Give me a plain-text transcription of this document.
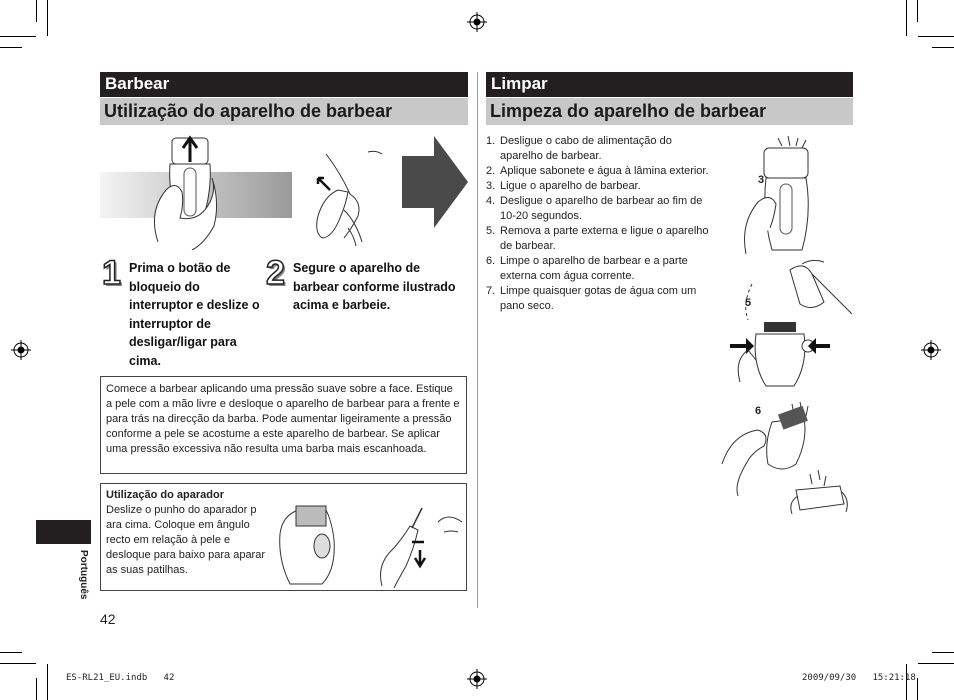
Barbear
Utilização do aparelho de barbear
1 Prima o botão de bloqueio do interruptor e deslize o interruptor de desligar/ligar para cima.
2 Segure o aparelho de barbear conforme ilustrado acima e barbeie.
Comece a barbear aplicando uma pressão suave sobre a face. Estique a pele com a mão livre e desloque o aparelho de barbear para a frente e para trás na direcção da barba. Pode aumentar ligeiramente a pressão conforme a pele se acostume a este aparelho de barbear. Se aplicar uma pressão excessiva não resulta uma barba mais escanhoada.
Utilização do aparador
Deslize o punho do aparador p ara cima. Coloque em ângulo recto em relação à pele e desloque para baixo para aparar as suas patilhas.
Português
42
Limpar
Limpeza do aparelho de barbear
1. Desligue o cabo de alimentação do aparelho de barbear.
2. Aplique sabonete e água à lâmina exterior.
3. Ligue o aparelho de barbear.
4. Desligue o aparelho de barbear ao fim de 10-20 segundos.
5. Remova a parte externa e ligue o aparelho de barbear.
6. Limpe o aparelho de barbear e a parte externa com água corrente.
7. Limpe quaisquer gotas de água com um pano seco.
3
5
6
ES-RL21_EU.indb   42	2009/09/30   15:21:18
